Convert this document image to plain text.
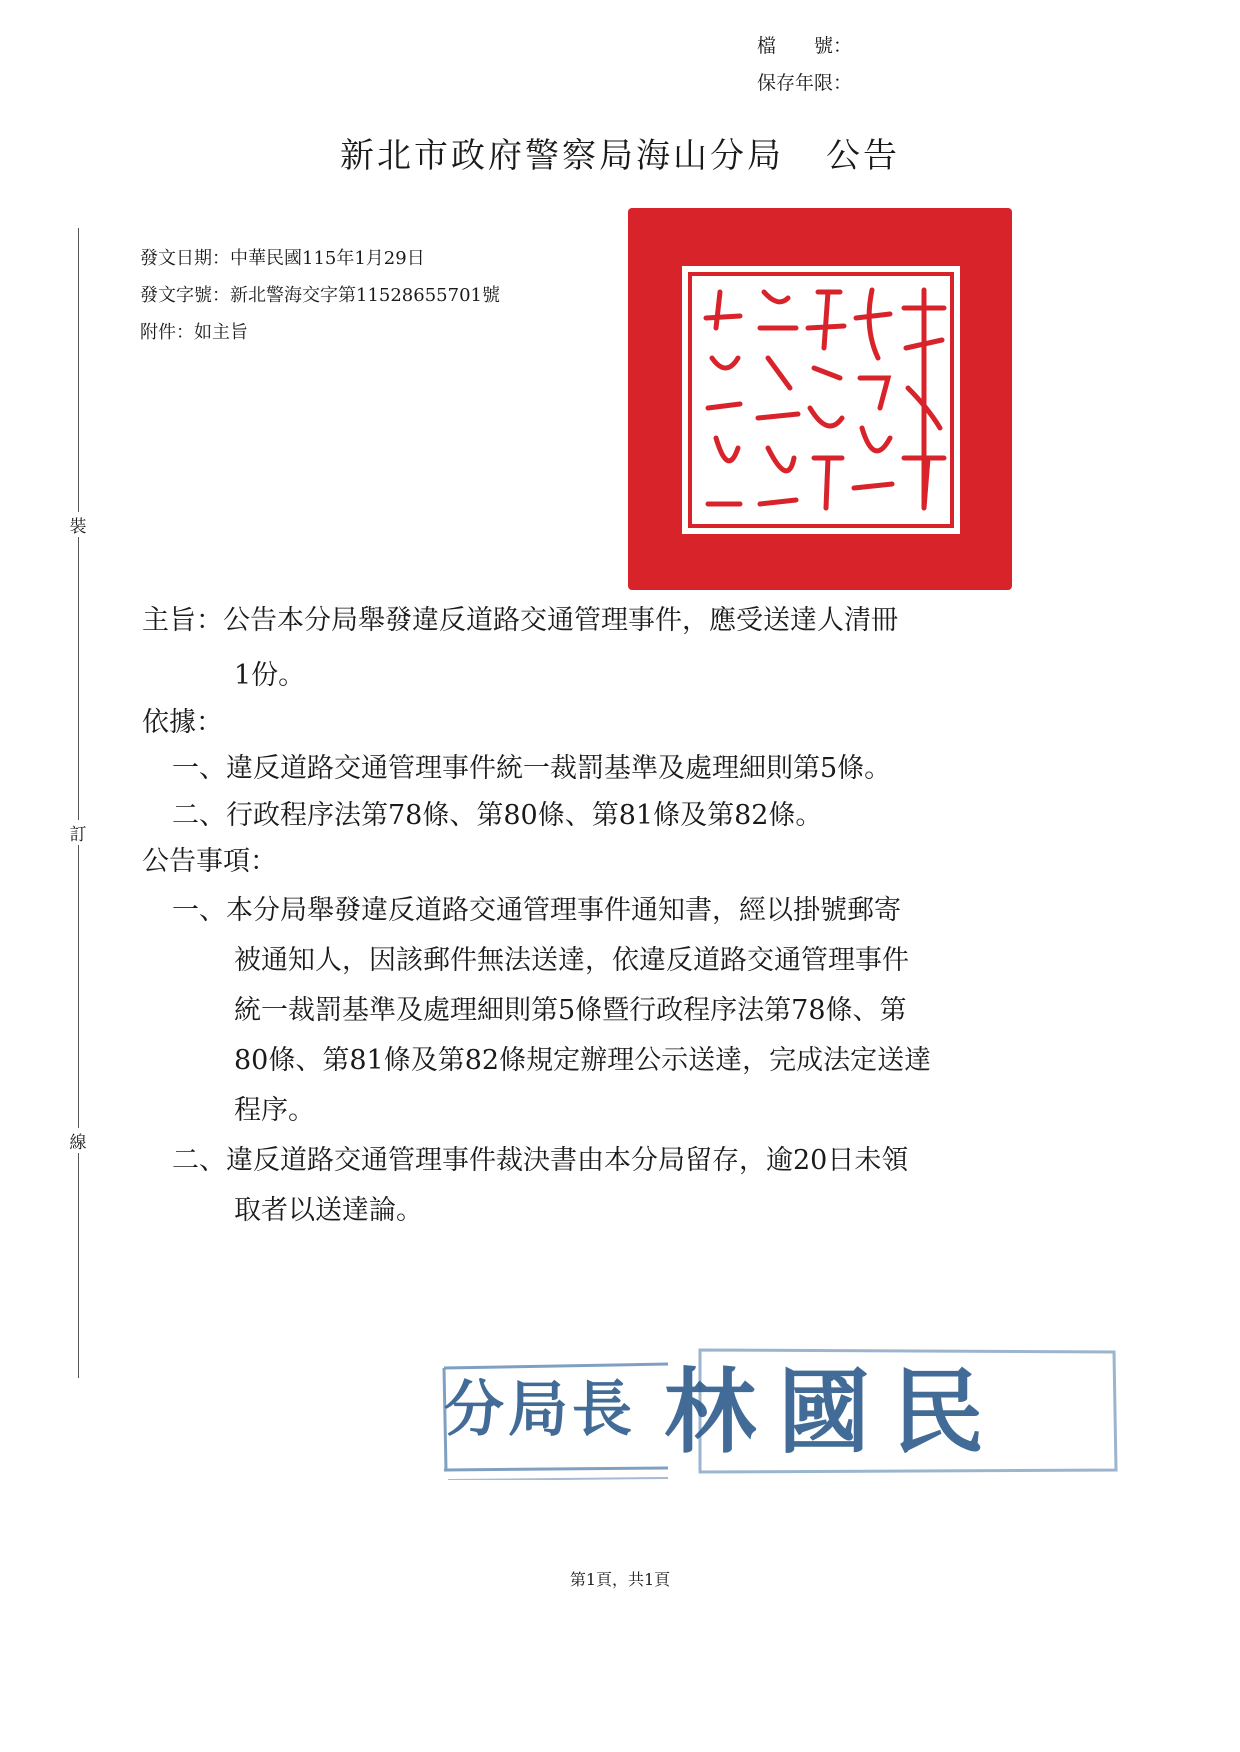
檔　　號：
保存年限：
新北市政府警察局海山分局 公告
裝
訂
線
發文日期：中華民國115年1月29日
發文字號：新北警海交字第11528655701號
附件：如主旨
主旨：公告本分局舉發違反道路交通管理事件，應受送達人清冊
1份。
依據：
一、違反道路交通管理事件統一裁罰基準及處理細則第5條。
二、行政程序法第78條、第80條、第81條及第82條。
公告事項：
一、本分局舉發違反道路交通管理事件通知書，經以掛號郵寄
被通知人，因該郵件無法送達，依違反道路交通管理事件
統一裁罰基準及處理細則第5條暨行政程序法第78條、第
80條、第81條及第82條規定辦理公示送達，完成法定送達
程序。
二、違反道路交通管理事件裁決書由本分局留存，逾20日未領
取者以送達論。
分局長 林國民
第1頁，共1頁
